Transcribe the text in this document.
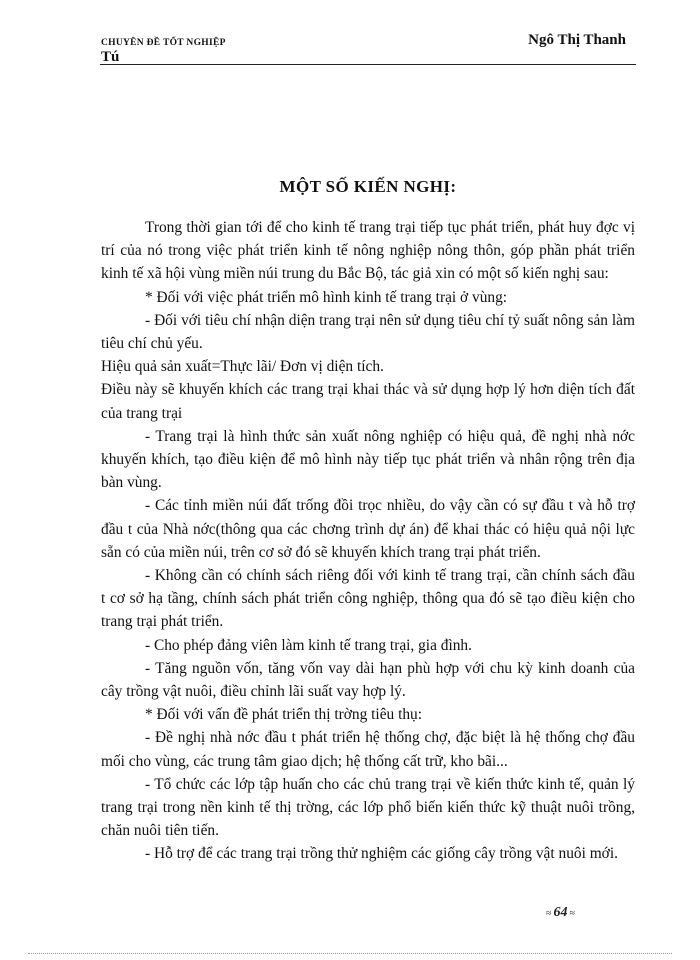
CHUYÊN ĐỀ TỐT NGHIỆP	Ngô Thị Thanh
Tú
MỘT SỐ KIẾN NGHỊ:

Trong thời gian tới để cho kinh tế trang trại tiếp tục phát triển, phát huy đợc vị trí của nó trong việc phát triển kinh tế nông nghiệp nông thôn, góp phần phát triển kinh tế xã hội vùng miền núi trung du Bắc Bộ, tác giả xin có một số kiến nghị sau:

* Đối với việc phát triển mô hình kinh tế trang trại ở vùng:

- Đối với tiêu chí nhận diện trang trại nên sử dụng tiêu chí tỷ suất nông sản làm tiêu chí chủ yếu.

Hiệu quả sản xuất=Thực lãi/ Đơn vị diện tích.

Điều này sẽ khuyến khích các trang trại khai thác và sử dụng hợp lý hơn diện tích đất của trang trại

- Trang trại là hình thức sản xuất nông nghiệp có hiệu quả, đề nghị nhà nớc khuyến khích, tạo điều kiện để mô hình này tiếp tục phát triển và nhân rộng trên địa bàn vùng.

- Các tỉnh miền núi đất trống đồi trọc nhiều, do vậy cần có sự đầu t và hỗ trợ đầu t của Nhà nớc(thông qua các chơng trình dự án) để khai thác có hiệu quả nội lực sẵn có của miền núi, trên cơ sở đó sẽ khuyến khích trang trại phát triển.

- Không cần có chính sách riêng đối với kinh tế trang trại, cần chính sách đầu t cơ sở hạ tầng, chính sách phát triển công nghiệp, thông qua đó sẽ tạo điều kiện cho trang trại phát triển.

- Cho phép đảng viên làm kinh tế trang trại, gia đình.

- Tăng nguồn vốn, tăng vốn vay dài hạn phù hợp với chu kỳ kinh doanh của cây trồng vật nuôi, điều chỉnh lãi suất vay hợp lý.

* Đối với vấn đề phát triển thị trờng tiêu thụ:

- Đề nghị nhà nớc đầu t phát triển hệ thống chợ, đặc biệt là hệ thống chợ đầu mối cho vùng, các trung tâm giao dịch; hệ thống cất trữ, kho bãi...

- Tổ chức các lớp tập huấn cho các chủ trang trại về kiến thức kinh tế, quản lý trang trại trong nền kinh tế thị trờng, các lớp phổ biến kiến thức kỹ thuật nuôi trồng, chăn nuôi tiên tiến.

- Hỗ trợ để các trang trại trồng thử nghiệm các giống cây trồng vật nuôi mới.

≈ 64 ≈
